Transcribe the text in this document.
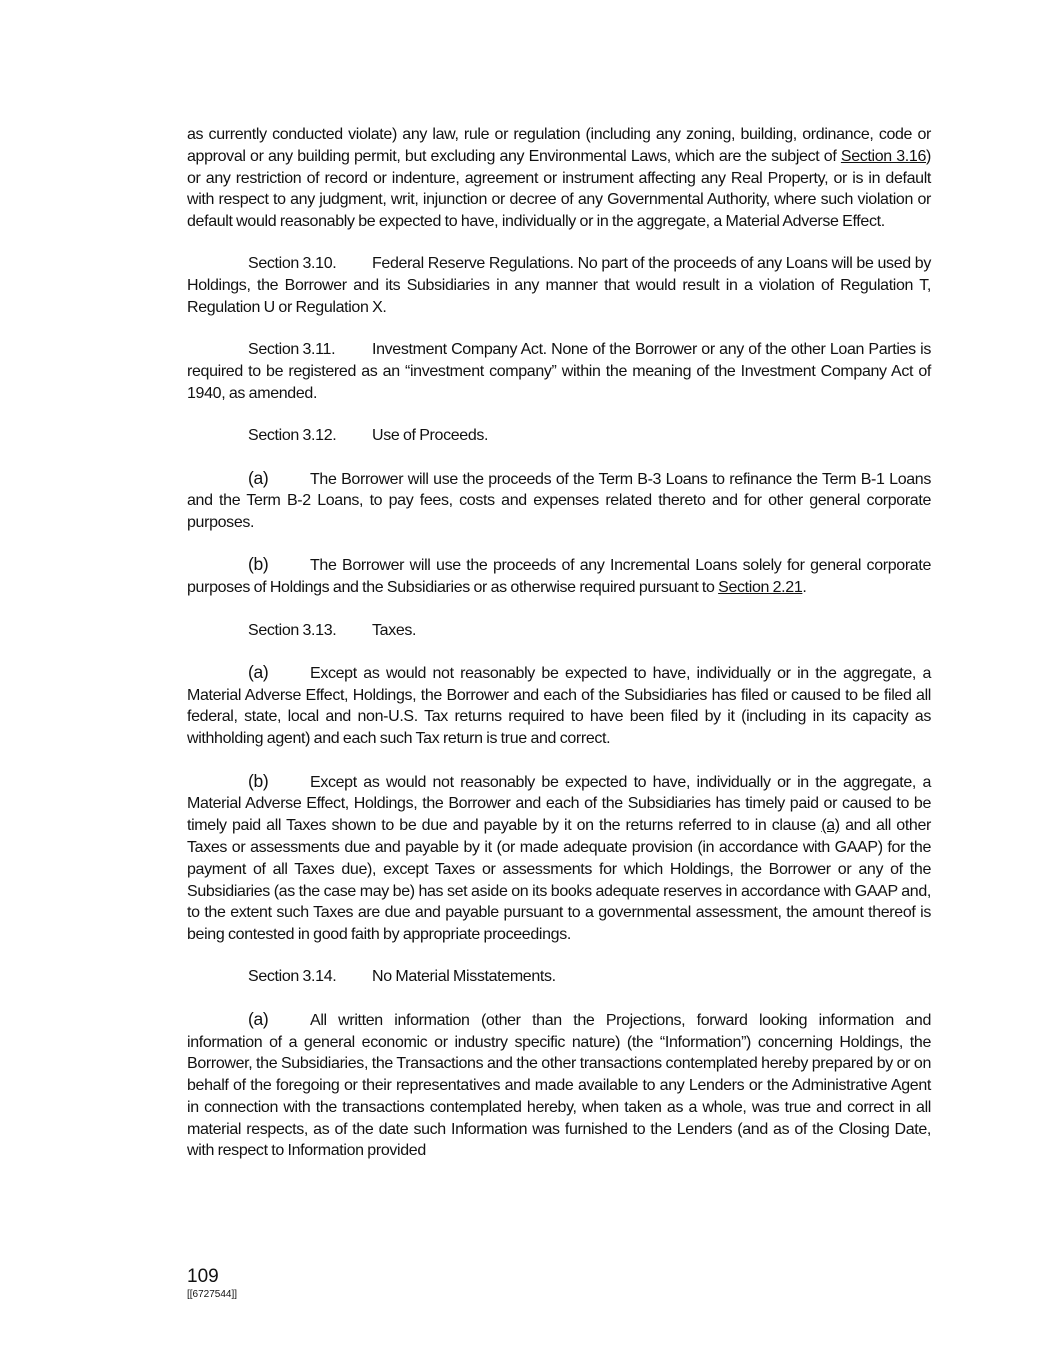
as currently conducted violate) any law, rule or regulation (including any zoning, building, ordinance, code or approval or any building permit, but excluding any Environmental Laws, which are the subject of Section 3.16) or any restriction of record or indenture, agreement or instrument affecting any Real Property, or is in default with respect to any judgment, writ, injunction or decree of any Governmental Authority, where such violation or default would reasonably be expected to have, individually or in the aggregate, a Material Adverse Effect.

Section 3.10. Federal Reserve Regulations. No part of the proceeds of any Loans will be used by Holdings, the Borrower and its Subsidiaries in any manner that would result in a violation of Regulation T, Regulation U or Regulation X.

Section 3.11. Investment Company Act. None of the Borrower or any of the other Loan Parties is required to be registered as an “investment company” within the meaning of the Investment Company Act of 1940, as amended.

Section 3.12. Use of Proceeds.

(a)	The Borrower will use the proceeds of the Term B-3 Loans to refinance the Term B-1 Loans and the Term B-2 Loans, to pay fees, costs and expenses related thereto and for other general corporate purposes.

(b)	The Borrower will use the proceeds of any Incremental Loans solely for general corporate purposes of Holdings and the Subsidiaries or as otherwise required pursuant to Section 2.21.

Section 3.13. Taxes.

(a)	Except as would not reasonably be expected to have, individually or in the aggregate, a Material Adverse Effect, Holdings, the Borrower and each of the Subsidiaries has filed or caused to be filed all federal, state, local and non-U.S. Tax returns required to have been filed by it (including in its capacity as withholding agent) and each such Tax return is true and correct.

(b)	Except as would not reasonably be expected to have, individually or in the aggregate, a Material Adverse Effect, Holdings, the Borrower and each of the Subsidiaries has timely paid or caused to be timely paid all Taxes shown to be due and payable by it on the returns referred to in clause (a) and all other Taxes or assessments due and payable by it (or made adequate provision (in accordance with GAAP) for the payment of all Taxes due), except Taxes or assessments for which Holdings, the Borrower or any of the Subsidiaries (as the case may be) has set aside on its books adequate reserves in accordance with GAAP and, to the extent such Taxes are due and payable pursuant to a governmental assessment, the amount thereof is being contested in good faith by appropriate proceedings.

Section 3.14. No Material Misstatements.

(a)	All written information (other than the Projections, forward looking information and information of a general economic or industry specific nature) (the “Information”) concerning Holdings, the Borrower, the Subsidiaries, the Transactions and the other transactions contemplated hereby prepared by or on behalf of the foregoing or their representatives and made available to any Lenders or the Administrative Agent in connection with the transactions contemplated hereby, when taken as a whole, was true and correct in all material respects, as of the date such Information was furnished to the Lenders (and as of the Closing Date, with respect to Information provided

109
[[6727544]]
